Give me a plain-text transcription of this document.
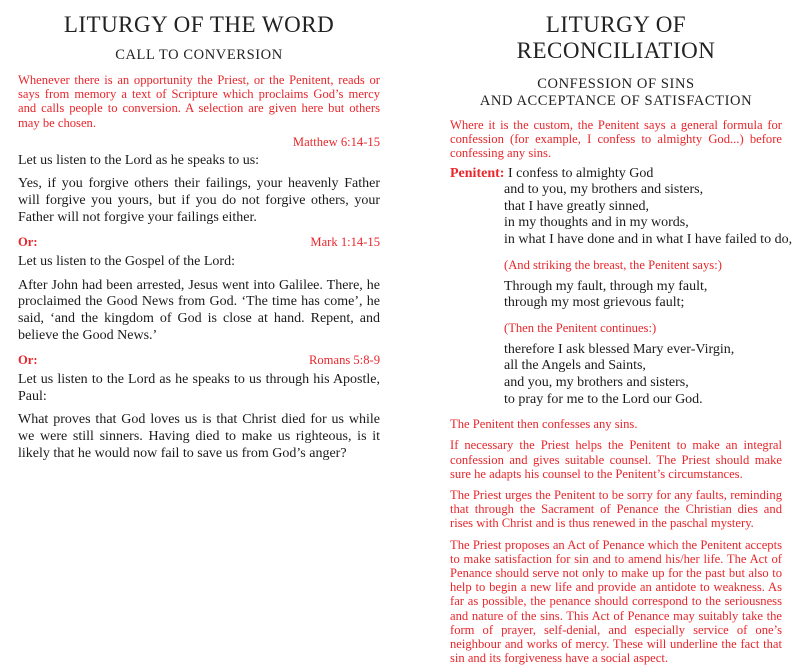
LITURGY OF THE WORD
CALL TO CONVERSION

Whenever there is an opportunity the Priest, or the Penitent, reads or says from memory a text of Scripture which proclaims God’s mercy and calls people to conversion. A selection are given here but others may be chosen.

Matthew 6:14-15

Let us listen to the Lord as he speaks to us:

Yes, if you forgive others their failings, your heavenly Father will forgive you yours, but if you do not forgive others, your Father will not forgive your failings either.

Or:	Mark 1:14-15

Let us listen to the Gospel of the Lord:

After John had been arrested, Jesus went into Galilee. There, he proclaimed the Good News from God. ‘The time has come’, he said, ‘and the kingdom of God is close at hand. Repent, and believe the Good News.’

Or:	Romans 5:8-9

Let us listen to the Lord as he speaks to us through his Apostle, Paul:

What proves that God loves us is that Christ died for us while we were still sinners. Having died to make us righteous, is it likely that he would now fail to save us from God’s anger?

LITURGY OF RECONCILIATION
CONFESSION OF SINS
AND ACCEPTANCE OF SATISFACTION

Where it is the custom, the Penitent says a general formula for confession (for example, I confess to almighty God...) before confessing any sins.

Penitent: I confess to almighty God
and to you, my brothers and sisters,
that I have greatly sinned,
in my thoughts and in my words,
in what I have done and in what I have failed to do,
(And striking the breast, the Penitent says:)
Through my fault, through my fault,
through my most grievous fault;
(Then the Penitent continues:)
therefore I ask blessed Mary ever-Virgin,
all the Angels and Saints,
and you, my brothers and sisters,
to pray for me to the Lord our God.

The Penitent then confesses any sins.

If necessary the Priest helps the Penitent to make an integral confession and gives suitable counsel. The Priest should make sure he adapts his counsel to the Penitent’s circumstances.

The Priest urges the Penitent to be sorry for any faults, reminding that through the Sacrament of Penance the Christian dies and rises with Christ and is thus renewed in the paschal mystery.

The Priest proposes an Act of Penance which the Penitent accepts to make satisfaction for sin and to amend his/her life. The Act of Penance should serve not only to make up for the past but also to help to begin a new life and provide an antidote to weakness. As far as possible, the penance should correspond to the seriousness and nature of the sins. This Act of Penance may suitably take the form of prayer, self-denial, and especially service of one’s neighbour and works of mercy. These will underline the fact that sin and its forgiveness have a social aspect.
